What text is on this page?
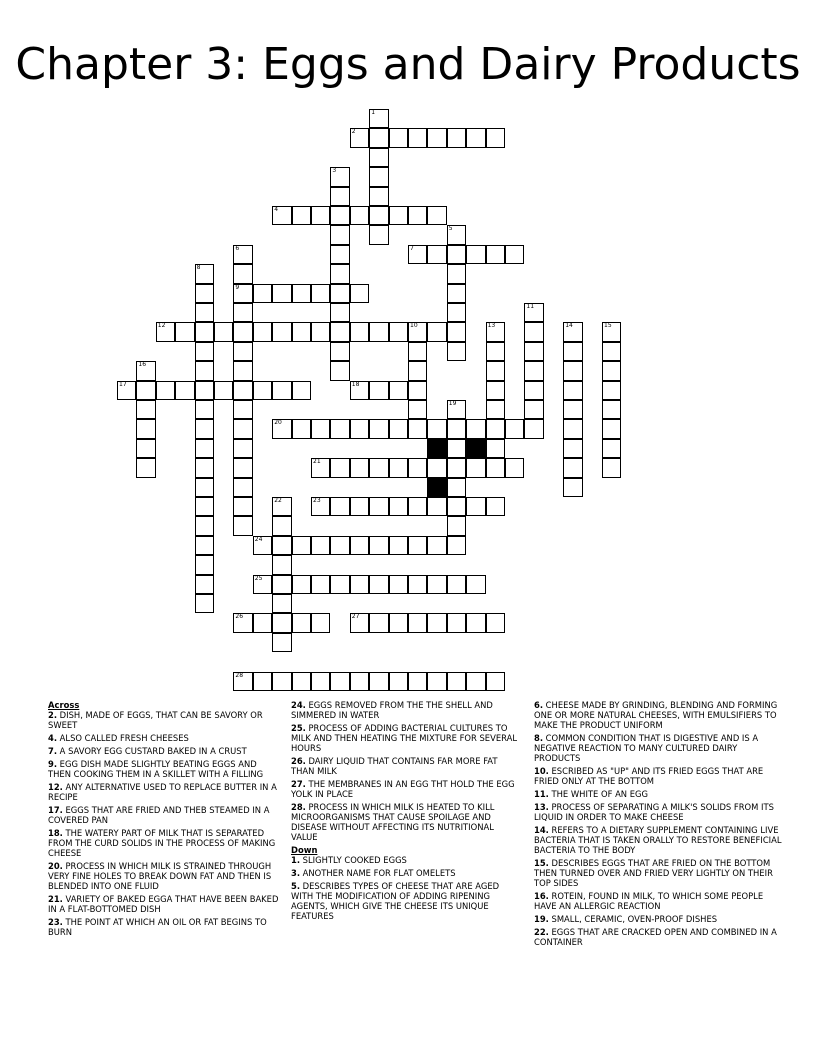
Chapter 3: Eggs and Dairy Products
1
2
3
4
5
6
9
7
8
10
11
12	13	14	15
16
17	18
19
20
21
22	23
24
25
26	27
28

Across

2. DISH, MADE OF EGGS, THAT CAN BE SAVORY OR SWEET

4. ALSO CALLED FRESH CHEESES

7. A SAVORY EGG CUSTARD BAKED IN A CRUST

9. EGG DISH MADE SLIGHTLY BEATING EGGS AND THEN COOKING THEM IN A SKILLET WITH A FILLING

12. ANY ALTERNATIVE USED TO REPLACE BUTTER IN A RECIPE

17. EGGS THAT ARE FRIED AND THEB STEAMED IN A COVERED PAN

18. THE WATERY PART OF MILK THAT IS SEPARATED FROM THE CURD SOLIDS IN THE PROCESS OF MAKING CHEESE

20. PROCESS IN WHICH MILK IS STRAINED THROUGH VERY FINE HOLES TO BREAK DOWN FAT AND THEN IS BLENDED INTO ONE FLUID

21. VARIETY OF BAKED EGGA THAT HAVE BEEN BAKED IN A FLAT-BOTTOMED DISH

23. THE POINT AT WHICH AN OIL OR FAT BEGINS TO BURN

24. EGGS REMOVED FROM THE THE SHELL AND SIMMERED IN WATER

25. PROCESS OF ADDING BACTERIAL CULTURES TO MILK AND THEN HEATING THE MIXTURE FOR SEVERAL HOURS

26. DAIRY LIQUID THAT CONTAINS FAR MORE FAT THAN MILK

27. THE MEMBRANES IN AN EGG THT HOLD THE EGG YOLK IN PLACE

28. PROCESS IN WHICH MILK IS HEATED TO KILL MICROORGANISMS THAT CAUSE SPOILAGE AND DISEASE WITHOUT AFFECTING ITS NUTRITIONAL VALUE

Down

1. SLIGHTLY COOKED EGGS

3. ANOTHER NAME FOR FLAT OMELETS

5. DESCRIBES TYPES OF CHEESE THAT ARE AGED WITH THE MODIFICATION OF ADDING RIPENING AGENTS, WHICH GIVE THE CHEESE ITS UNIQUE FEATURES

6. CHEESE MADE BY GRINDING, BLENDING AND FORMING ONE OR MORE NATURAL CHEESES, WITH EMULSIFIERS TO MAKE THE PRODUCT UNIFORM

8. COMMON CONDITION THAT IS DIGESTIVE AND IS A NEGATIVE REACTION TO MANY CULTURED DAIRY PRODUCTS

10. ESCRIBED AS "UP" AND ITS FRIED EGGS THAT ARE FRIED ONLY AT THE BOTTOM

11. THE WHITE OF AN EGG

13. PROCESS OF SEPARATING A MILK'S SOLIDS FROM ITS LIQUID IN ORDER TO MAKE CHEESE

14. REFERS TO A DIETARY SUPPLEMENT CONTAINING LIVE BACTERIA THAT IS TAKEN ORALLY TO RESTORE BENEFICIAL BACTERIA TO THE BODY

15. DESCRIBES EGGS THAT ARE FRIED ON THE BOTTOM THEN TURNED OVER AND FRIED VERY LIGHTLY ON THEIR TOP SIDES

16. ROTEIN, FOUND IN MILK, TO WHICH SOME PEOPLE HAVE AN ALLERGIC REACTION

19. SMALL, CERAMIC, OVEN-PROOF DISHES

22. EGGS THAT ARE CRACKED OPEN AND COMBINED IN A CONTAINER
